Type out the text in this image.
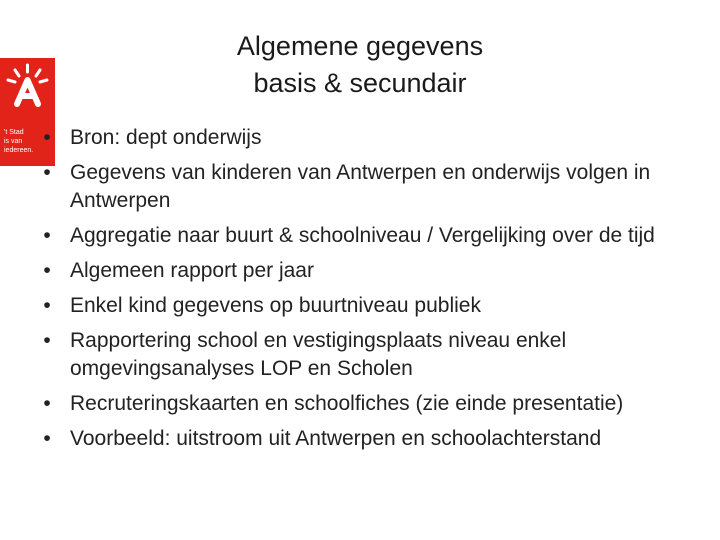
't Stad
is van
iedereen.
Algemene gegevens
basis & secundair
• Bron: dept onderwijs
• Gegevens van kinderen van Antwerpen en onderwijs volgen in Antwerpen
• Aggregatie naar buurt & schoolniveau / Vergelijking over de tijd
• Algemeen rapport per jaar
• Enkel kind gegevens op buurtniveau publiek
• Rapportering school en vestigingsplaats niveau enkel omgevingsanalyses LOP en Scholen
• Recruteringskaarten en schoolfiches (zie einde presentatie)
• Voorbeeld: uitstroom uit Antwerpen en schoolachterstand
